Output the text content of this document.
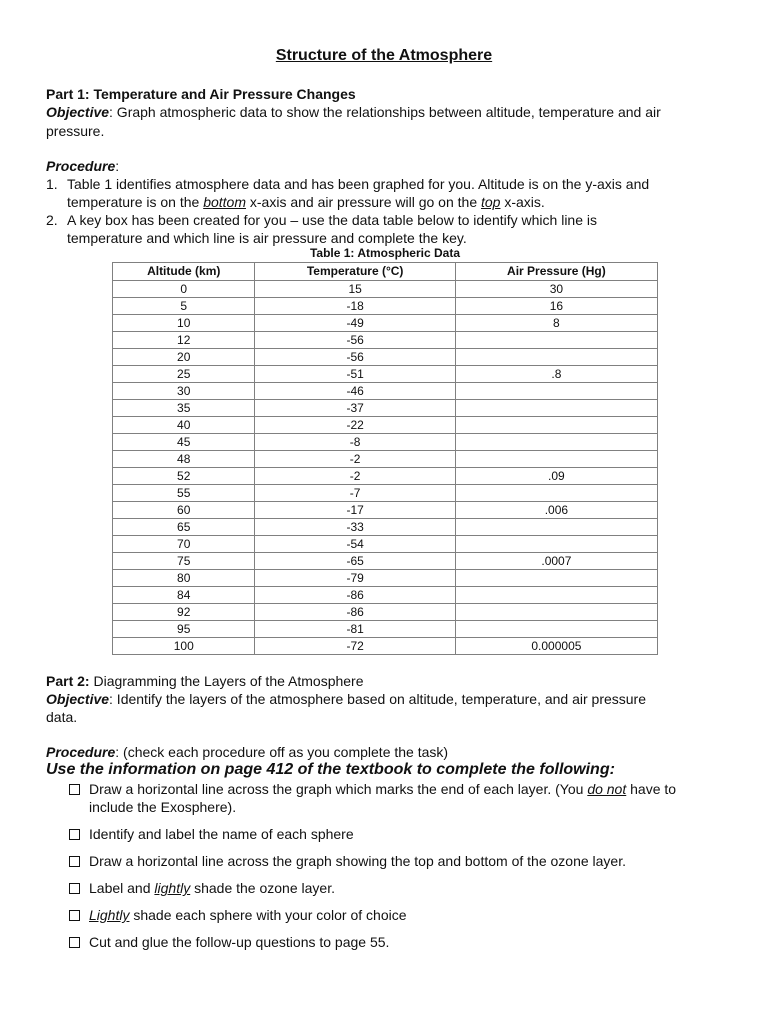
Structure of the Atmosphere
Part 1: Temperature and Air Pressure Changes
Objective: Graph atmospheric data to show the relationships between altitude, temperature and air
pressure.
Procedure:
1. Table 1 identifies atmosphere data and has been graphed for you. Altitude is on the y-axis and
temperature is on the bottom x-axis and air pressure will go on the top x-axis.
2. A key box has been created for you – use the data table below to identify which line is
temperature and which line is air pressure and complete the key.
Table 1: Atmospheric Data
Altitude (km)	Temperature (°C)	Air Pressure (Hg)
0	15	30
5	-18	16
10	-49	8
12	-56	
20	-56	
25	-51	.8
30	-46	
35	-37	
40	-22	
45	-8	
48	-2	
52	-2	.09
55	-7	
60	-17	.006
65	-33	
70	-54	
75	-65	.0007
80	-79	
84	-86	
92	-86	
95	-81	
100	-72	0.000005
Part 2: Diagramming the Layers of the Atmosphere
Objective: Identify the layers of the atmosphere based on altitude, temperature, and air pressure
data.
Procedure: (check each procedure off as you complete the task)
Use the information on page 412 of the textbook to complete the following:
Draw a horizontal line across the graph which marks the end of each layer. (You do not have to
include the Exosphere).
Identify and label the name of each sphere
Draw a horizontal line across the graph showing the top and bottom of the ozone layer.
Label and lightly shade the ozone layer.
Lightly shade each sphere with your color of choice
Cut and glue the follow-up questions to page 55.
